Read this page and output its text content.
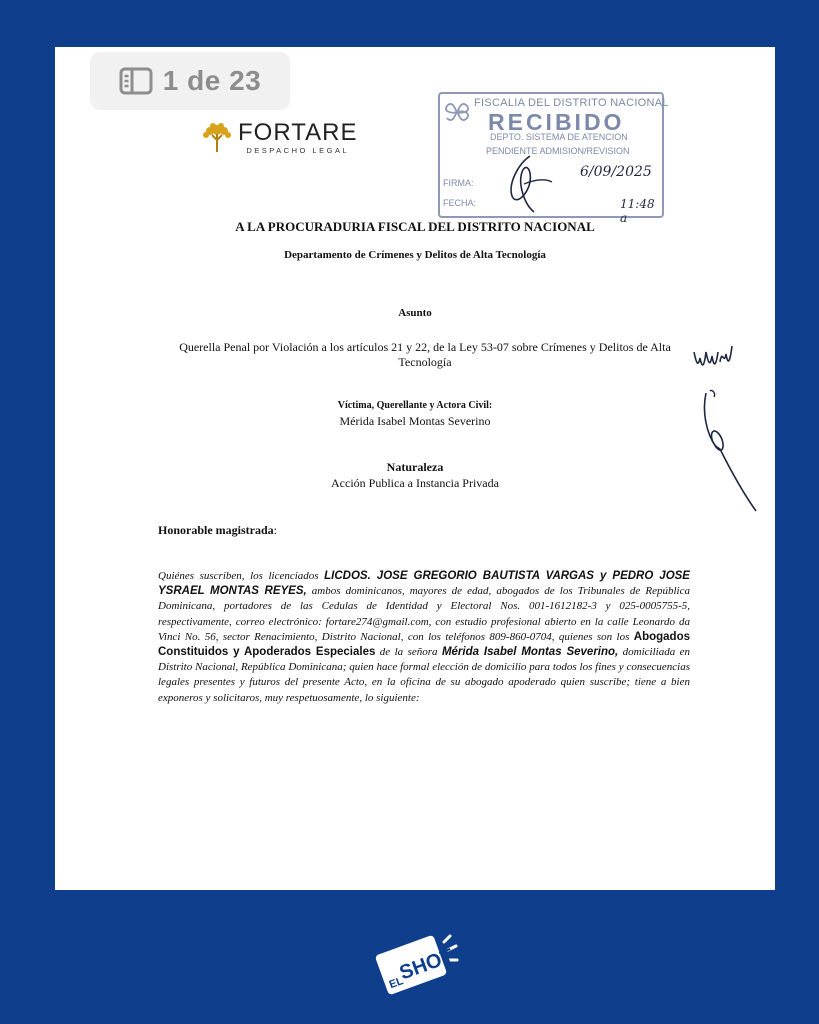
1 de 23
FORTARE
DESPACHO LEGAL
FISCALIA DEL DISTRITO NACIONAL
RECIBIDO
DEPTO. SISTEMA DE ATENCION
PENDIENTE ADMISION/REVISION
FIRMA:
FECHA:
6/09/2025
11:48 a
A LA PROCURADURIA FISCAL DEL DISTRITO NACIONAL
Departamento de Crímenes y Delitos de Alta Tecnología
Asunto
Querella Penal por Violación a los artículos 21 y 22, de la Ley 53-07 sobre Crímenes y Delitos de Alta Tecnología
Víctima, Querellante y Actora Civil:
Mérida Isabel Montas Severino
Naturaleza
Acción Publica a Instancia Privada
Honorable magistrada:
Quiénes suscriben, los licenciados LICDOS. JOSE GREGORIO BAUTISTA VARGAS y PEDRO JOSE YSRAEL MONTAS REYES, ambos dominicanos, mayores de edad, abogados de los Tribunales de República Dominicana, portadores de las Cedulas de Identidad y Electoral Nos. 001-1612182-3 y 025-0005755-5, respectivamente, correo electrónico: fortare274@gmail.com, con estudio profesional abierto en la calle Leonardo da Vinci No. 56, sector Renacimiento, Distrito Nacional, con los teléfonos 809-860-0704, quienes son los Abogados Constituidos y Apoderados Especiales de la señora Mérida Isabel Montas Severino, domiciliada en Distrito Nacional, República Dominicana; quien hace formal elección de domicilio para todos los fines y consecuencias legales presentes y futuros del presente Acto, en la oficina de su abogado apoderado quien suscribe; tiene a bien exponeros y solicitaros, muy respetuosamente, lo siguiente:
EL
SHOT
